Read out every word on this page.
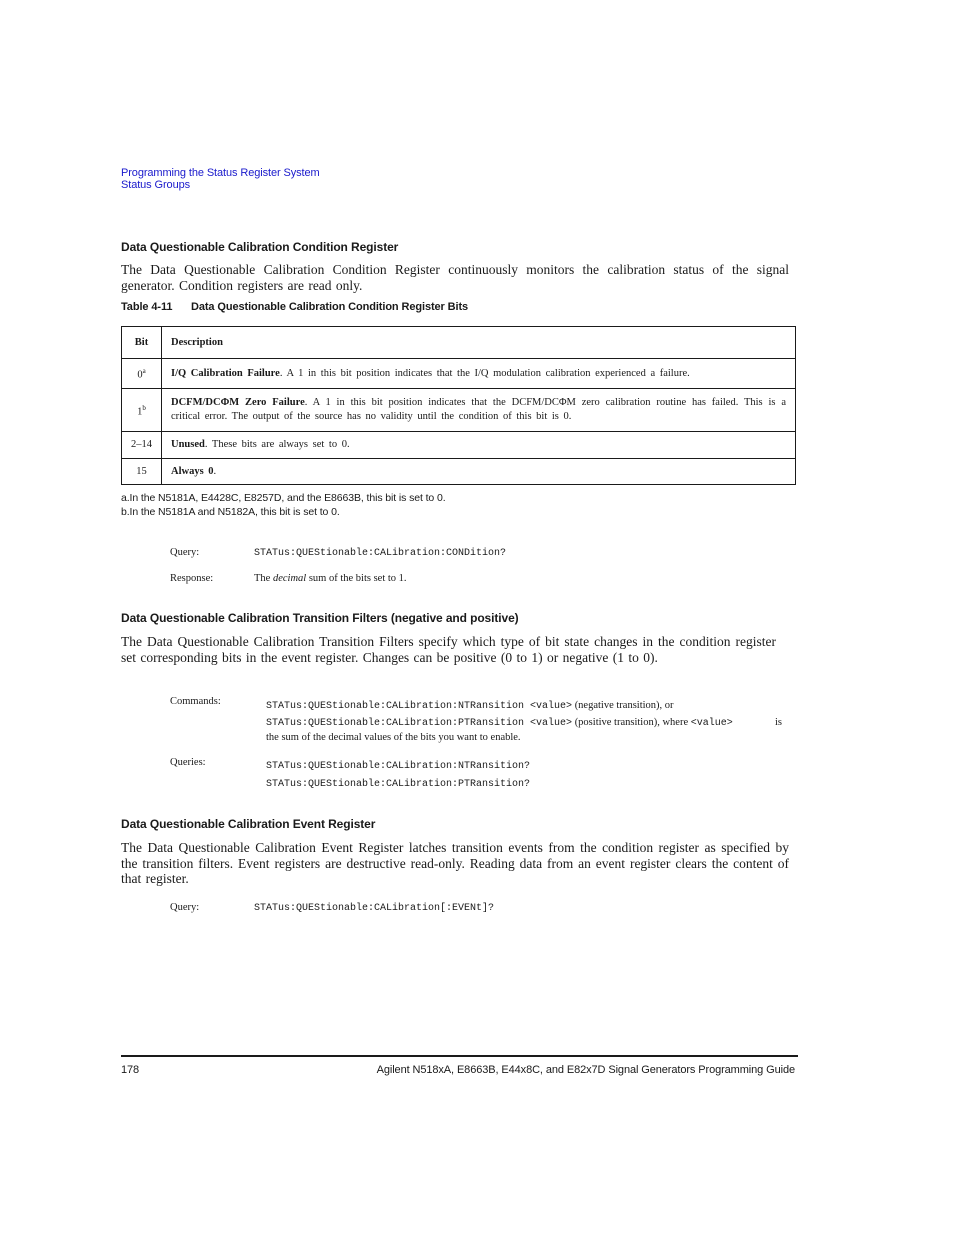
Programming the Status Register System
Status Groups
Data Questionable Calibration Condition Register
The Data Questionable Calibration Condition Register continuously monitors the calibration status of the signal generator. Condition registers are read only.
Table 4-11 Data Questionable Calibration Condition Register Bits
Bit	Description
0$^a$	I/Q Calibration Failure. A 1 in this bit position indicates that the I/Q modulation calibration experienced a failure.
1$^b$	DCFM/DCΦM Zero Failure. A 1 in this bit position indicates that the DCFM/DCΦM zero calibration routine has failed. This is a critical error. The output of the source has no validity until the condition of this bit is 0.
2–14	Unused. These bits are always set to 0.
15	Always 0.
a.In the N5181A, E4428C, E8257D, and the E8663B, this bit is set to 0.
b.In the N5181A and N5182A, this bit is set to 0.
Query:	STATus:QUEStionable:CALibration:CONDition?
Response:	The decimal sum of the bits set to 1.
Data Questionable Calibration Transition Filters (negative and positive)
The Data Questionable Calibration Transition Filters specify which type of bit state changes in the condition register set corresponding bits in the event register. Changes can be positive (0 to 1) or negative (1 to 0).
Commands:	STATus:QUEStionable:CALibration:NTRansition <value> (negative transition), or
STATus:QUEStionable:CALibration:PTRansition <value> (positive transition), where <value>	is
the sum of the decimal values of the bits you want to enable.
Queries:	STATus:QUEStionable:CALibration:NTRansition?
STATus:QUEStionable:CALibration:PTRansition?
Data Questionable Calibration Event Register
The Data Questionable Calibration Event Register latches transition events from the condition register as specified by the transition filters. Event registers are destructive read-only. Reading data from an event register clears the content of that register.
Query:	STATus:QUEStionable:CALibration[:EVENt]?
178	Agilent N518xA, E8663B, E44x8C, and E82x7D Signal Generators Programming Guide
